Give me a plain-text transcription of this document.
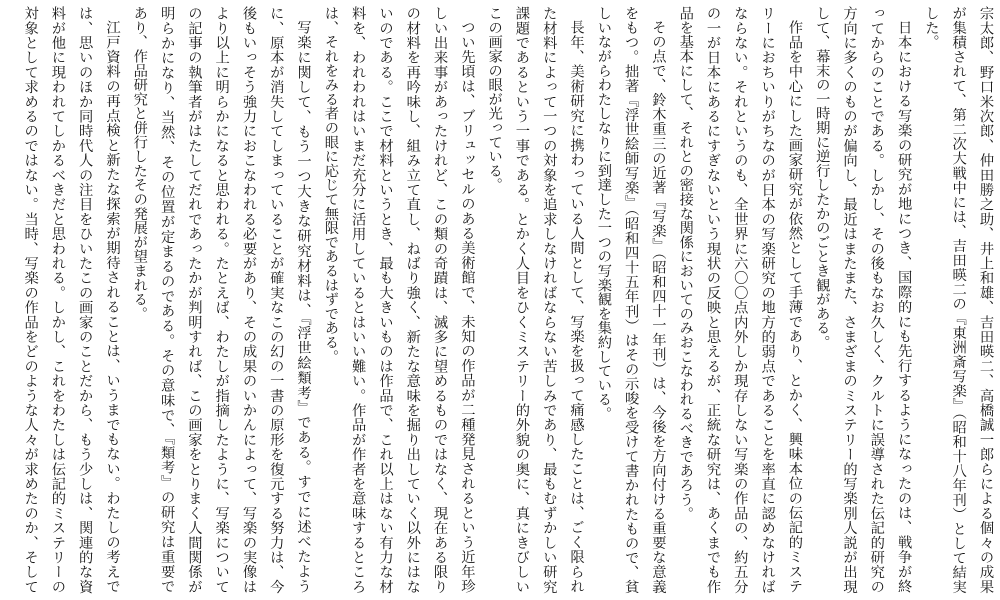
宗太郎、野口米次郎、仲田勝之助、井上和雄、吉田暎二、高橋誠一郎らによる個々の成果
が集積されて、第二次大戦中には、吉田暎二の『東洲斎写楽』（昭和十八年刊）として結実
した。
日本における写楽の研究が地につき、国際的にも先行するようになったのは、戦争が終
ってからのことである。しかし、その後もなお久しく、クルトに誤導された伝記的研究の
方向に多くのものが偏向し、最近はまたまた、さまざまのミステリー的写楽別人説が出現
して、幕末の一時期に逆行したかのごとき観がある。
作品を中心にした画家研究が依然として手薄であり、とかく、興味本位の伝記的ミステ
リーにおちいりがちなのが日本の写楽研究の地方的弱点であることを率直に認めなければ
ならない。それというのも、全世界に六〇〇点内外しか現存しない写楽の作品の、約五分
の一が日本にあるにすぎないという現状の反映と思えるが、正統な研究は、あくまでも作
品を基本にして、それとの密接な関係においてのみおこなわれるべきであろう。
その点で、鈴木重三の近著『写楽』（昭和四十一年刊）は、今後を方向付ける重要な意義
をもつ。拙著『浮世絵師写楽』（昭和四十五年刊）はその示唆を受けて書かれたもので、貧
しいながらわたしなりに到達した一つの写楽観を集約している。
長年、美術研究に携わっている人間として、写楽を扱って痛感したことは、ごく限られ
た材料によって一つの対象を追求しなければならない苦しみであり、最もむずかしい研究
課題であるという一事である。とかく人目をひくミステリー的外貌の奥に、真にきびしい
この画家の眼が光っている。
つい先頃は、ブリュッセルのある美術館で、未知の作品が二種発見されるという近年珍
しい出来事があったけれど、この類の奇蹟は、滅多に望めるものではなく、現在ある限り
の材料を再吟味し、組み立て直し、ねばり強く、新たな意味を掘り出していく以外にはな
いのである。ここで材料というとき、最も大きいものは作品で、これ以上はない有力な材
料を、われわれはいまだ充分に活用しているとはいい難い。作品が作者を意味するところ
は、それをみる者の眼に応じて無限であるはずである。
写楽に関して、もう一つ大きな研究材料は、『浮世絵類考』である。すでに述べたよう
に、原本が消失してしまっていることが確実なこの幻の一書の原形を復元する努力は、今
後もいっそう強力におこなわれる必要があり、その成果のいかんによって、写楽の実像は
より以上に明らかになると思われる。たとえば、わたしが指摘したように、写楽について
の記事の執筆者がはたしてだれであったかが判明すれば、この画家をとりまく人間関係が
明らかになり、当然、その位置が定まるのである。その意味で、『類考』の研究は重要で
あり、作品研究と併行したその発展が望まれる。
江戸資料の再点検と新たな探索が期待されることは、いうまでもない。わたしの考えで
は、思いのほか同時代人の注目をひいたこの画家のことだから、もう少しは、関連的な資
料が他に現われてしかるべきだと思われる。しかし、これをわたしは伝記的ミステリーの
対象として求めるのではない。当時、写楽の作品をどのような人々が求めたのか、そして
